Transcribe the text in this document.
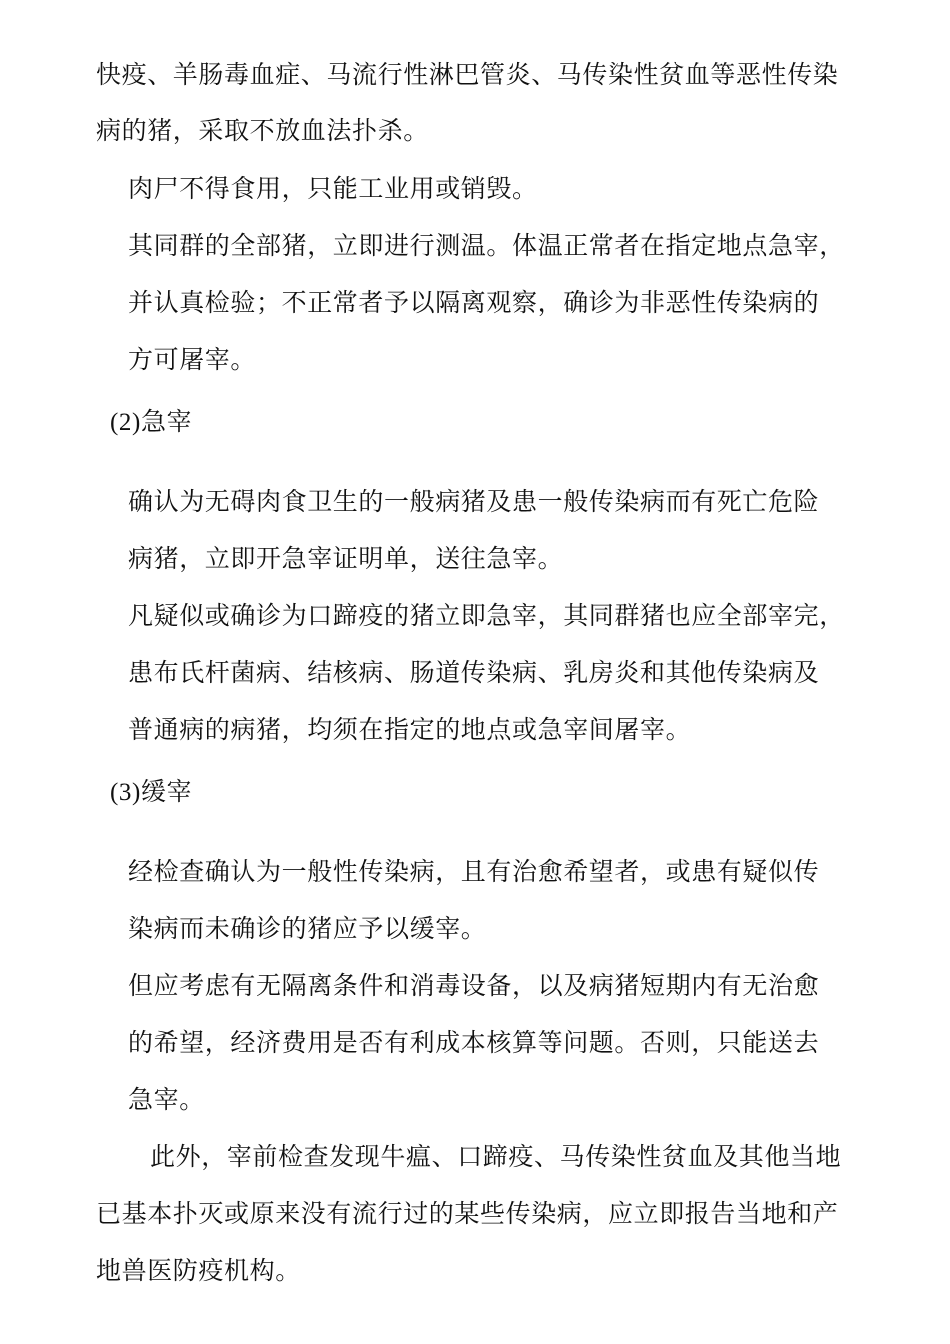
快疫、羊肠毒血症、马流行性淋巴管炎、马传染性贫血等恶性传染
病的猪，采取不放血法扑杀。
肉尸不得食用，只能工业用或销毁。
其同群的全部猪，立即进行测温。体温正常者在指定地点急宰，
并认真检验；不正常者予以隔离观察，确诊为非恶性传染病的
方可屠宰。
(2)急宰
确认为无碍肉食卫生的一般病猪及患一般传染病而有死亡危险
病猪，立即开急宰证明单，送往急宰。
凡疑似或确诊为口蹄疫的猪立即急宰，其同群猪也应全部宰完，
患布氏杆菌病、结核病、肠道传染病、乳房炎和其他传染病及
普通病的病猪，均须在指定的地点或急宰间屠宰。
(3)缓宰
经检查确认为一般性传染病，且有治愈希望者，或患有疑似传
染病而未确诊的猪应予以缓宰。
但应考虑有无隔离条件和消毒设备，以及病猪短期内有无治愈
的希望，经济费用是否有利成本核算等问题。否则，只能送去
急宰。
此外，宰前检查发现牛瘟、口蹄疫、马传染性贫血及其他当地
已基本扑灭或原来没有流行过的某些传染病，应立即报告当地和产
地兽医防疫机构。
